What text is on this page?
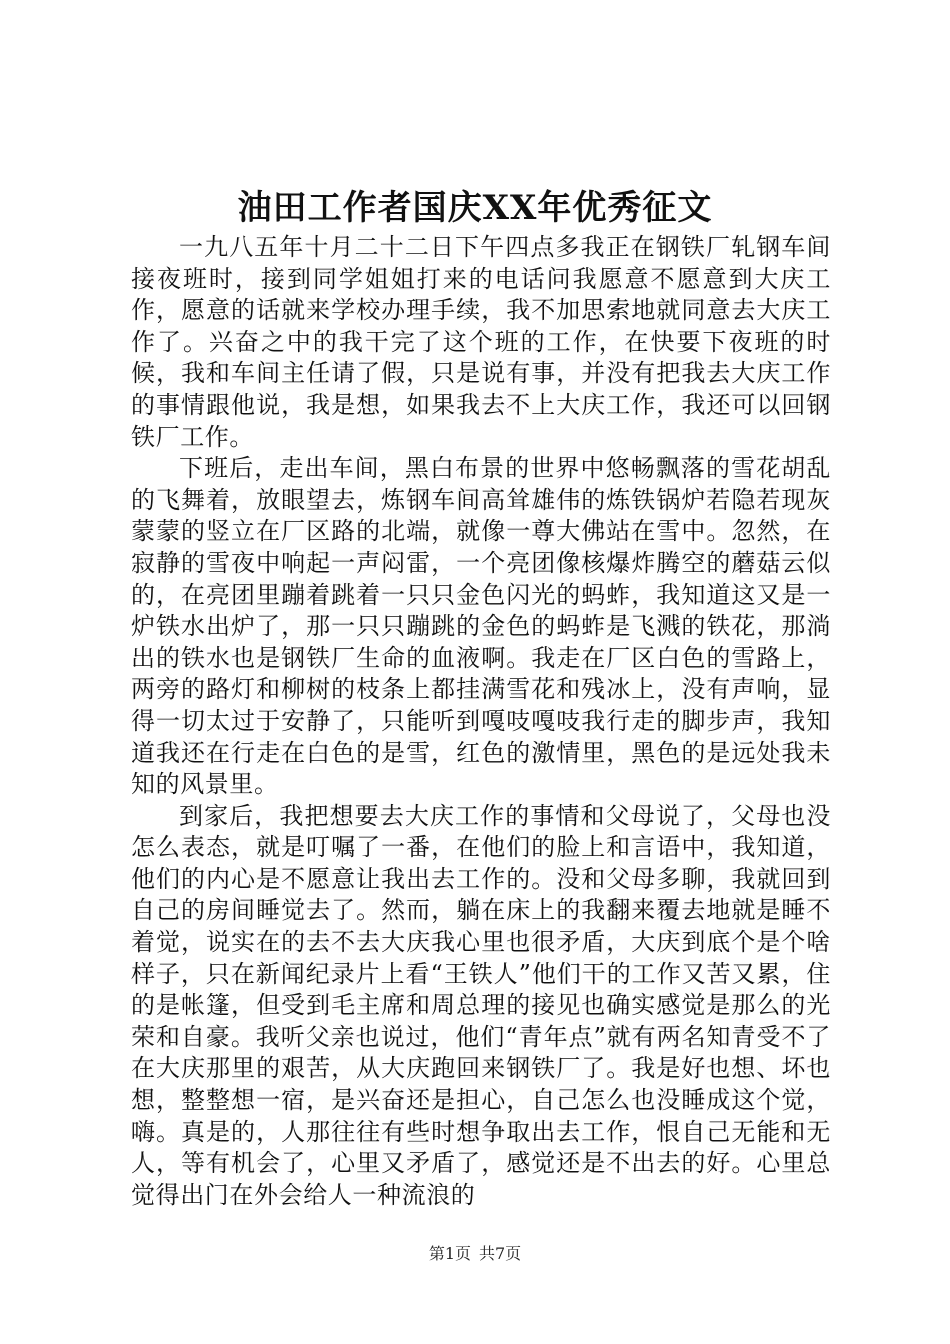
油田工作者国庆XX年优秀征文

一九八五年十月二十二日下午四点多我正在钢铁厂轧钢车间接夜班时，接到同学姐姐打来的电话问我愿意不愿意到大庆工作，愿意的话就来学校办理手续，我不加思索地就同意去大庆工作了。兴奋之中的我干完了这个班的工作，在快要下夜班的时候，我和车间主任请了假，只是说有事，并没有把我去大庆工作的事情跟他说，我是想，如果我去不上大庆工作，我还可以回钢铁厂工作。

下班后，走出车间，黑白布景的世界中悠畅飘落的雪花胡乱的飞舞着，放眼望去，炼钢车间高耸雄伟的炼铁锅炉若隐若现灰蒙蒙的竖立在厂区路的北端，就像一尊大佛站在雪中。忽然，在寂静的雪夜中响起一声闷雷，一个亮团像核爆炸腾空的蘑菇云似的，在亮团里蹦着跳着一只只金色闪光的蚂蚱，我知道这又是一炉铁水出炉了，那一只只蹦跳的金色的蚂蚱是飞溅的铁花，那淌出的铁水也是钢铁厂生命的血液啊。我走在厂区白色的雪路上，两旁的路灯和柳树的枝条上都挂满雪花和残冰上，没有声响，显得一切太过于安静了，只能听到嘎吱嘎吱我行走的脚步声，我知道我还在行走在白色的是雪，红色的激情里，黑色的是远处我未知的风景里。

到家后，我把想要去大庆工作的事情和父母说了，父母也没怎么表态，就是叮嘱了一番，在他们的脸上和言语中，我知道，他们的内心是不愿意让我出去工作的。没和父母多聊，我就回到自己的房间睡觉去了。然而，躺在床上的我翻来覆去地就是睡不着觉，说实在的去不去大庆我心里也很矛盾，大庆到底个是个啥样子，只在新闻纪录片上看“王铁人”他们干的工作又苦又累，住的是帐篷，但受到毛主席和周总理的接见也确实感觉是那么的光荣和自豪。我听父亲也说过，他们“青年点”就有两名知青受不了在大庆那里的艰苦，从大庆跑回来钢铁厂了。我是好也想、坏也想，整整想一宿，是兴奋还是担心，自己怎么也没睡成这个觉，嗨。真是的，人那往往有些时想争取出去工作，恨自己无能和无人，等有机会了，心里又矛盾了，感觉还是不出去的好。心里总觉得出门在外会给人一种流浪的

第1页 共7页
